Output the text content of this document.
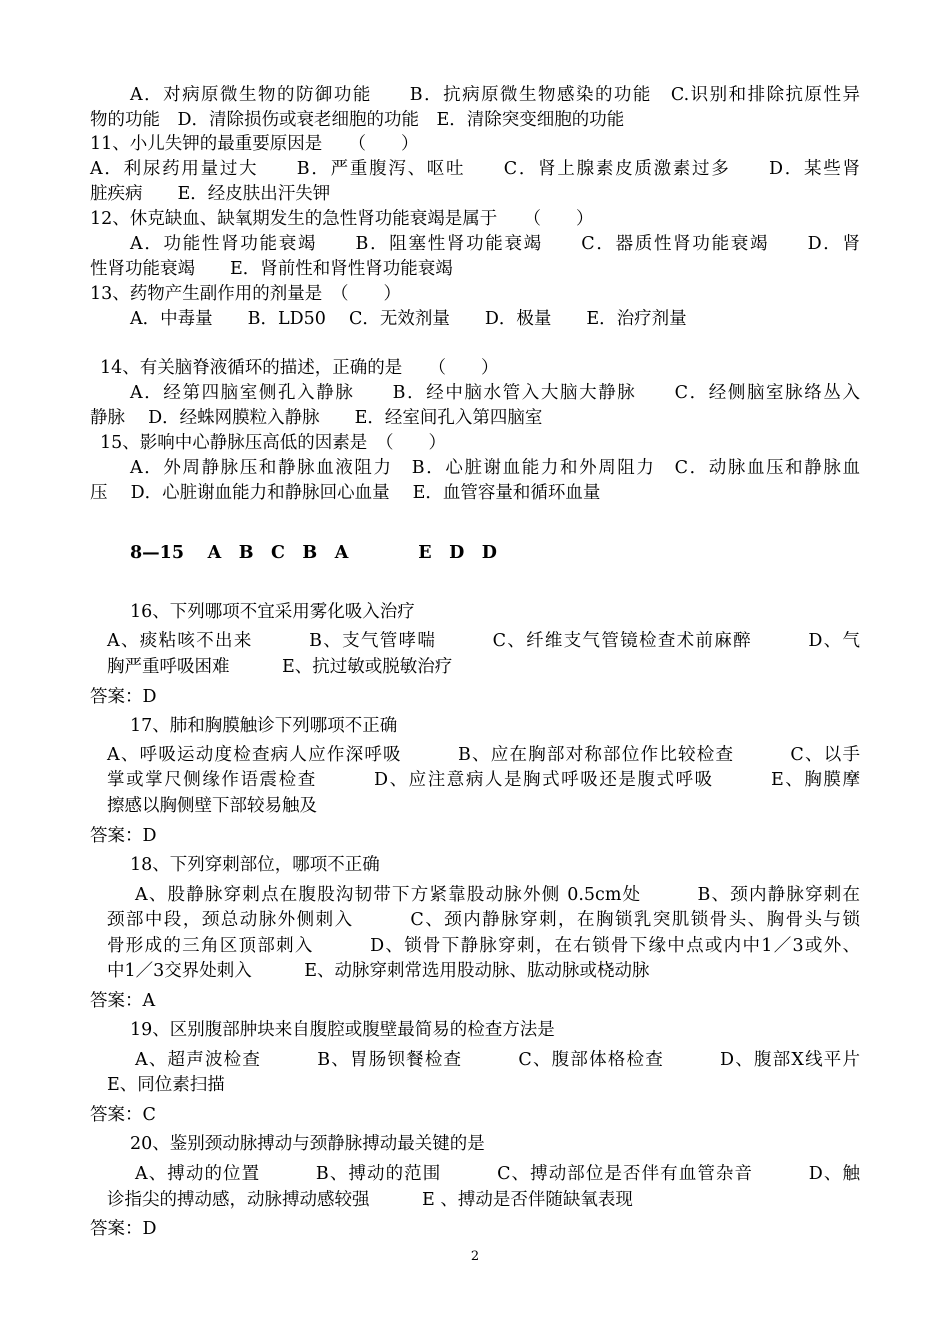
A．对病原微生物的防御功能　　B．抗病原微生物感染的功能　C.识别和排除抗原性异
物的功能　D．清除损伤或衰老细胞的功能　E．清除突变细胞的功能
11、小儿失钾的最重要原因是　　（　　）
A．利尿药用量过大　　B．严重腹泻、呕吐　　C．肾上腺素皮质激素过多　　D．某些肾
脏疾病　　E．经皮肤出汗失钾
12、休克缺血、缺氧期发生的急性肾功能衰竭是属于　　（　　）
A．功能性肾功能衰竭　　B．阻塞性肾功能衰竭　　C．器质性肾功能衰竭　　D．肾
性肾功能衰竭　　E．肾前性和肾性肾功能衰竭
13、药物产生副作用的剂量是　（　　）
A．中毒量　　B．LD50　 C．无效剂量　　D．极量　　E．治疗剂量
14、有关脑脊液循环的描述，正确的是　　（　　）
A．经第四脑室侧孔入静脉　　B．经中脑水管入大脑大静脉　　C．经侧脑室脉络丛入
静脉　 D．经蛛网膜粒入静脉　　E．经室间孔入第四脑室
15、影响中心静脉压高低的因素是　（　　）
A．外周静脉压和静脉血液阻力　B．心脏谢血能力和外周阻力　C．动脉血压和静脉血
压　 D．心脏谢血能力和静脉回心血量　 E．血管容量和循环血量
8—15　 A　B　C　B　A　　　　E　D　D
16、下列哪项不宜采用雾化吸入治疗
A、痰粘咳不出来　　　B、支气管哮喘　　　C、纤维支气管镜检查术前麻醉　　　D、气
胸严重呼吸困难　　　E、抗过敏或脱敏治疗
答案：D
17、肺和胸膜触诊下列哪项不正确
A、呼吸运动度检查病人应作深呼吸　　　B、应在胸部对称部位作比较检查　　　C、以手
掌或掌尺侧缘作语震检查　　　D、应注意病人是胸式呼吸还是腹式呼吸　　　E、胸膜摩
擦感以胸侧壁下部较易触及
答案：D
18、下列穿刺部位，哪项不正确
A、股静脉穿刺点在腹股沟韧带下方紧靠股动脉外侧 0.5cm处　　　B、颈内静脉穿刺在
颈部中段，颈总动脉外侧刺入　　　C、颈内静脉穿刺，在胸锁乳突肌锁骨头、胸骨头与锁
骨形成的三角区顶部刺入　　　D、锁骨下静脉穿刺，在右锁骨下缘中点或内中1／3或外、
中1／3交界处刺入　　　E、动脉穿刺常选用股动脉、肱动脉或桡动脉
答案：A
19、区别腹部肿块来自腹腔或腹壁最简易的检查方法是
A、超声波检查　　　B、胃肠钡餐检查　　　C、腹部体格检查　　　D、腹部X线平片
E、同位素扫描
答案：C
20、鉴别颈动脉搏动与颈静脉搏动最关键的是
A、搏动的位置　　　B、搏动的范围　　　C、搏动部位是否伴有血管杂音　　　D、触
诊指尖的搏动感，动脉搏动感较强　　　E 、搏动是否伴随缺氧表现
答案：D
2
